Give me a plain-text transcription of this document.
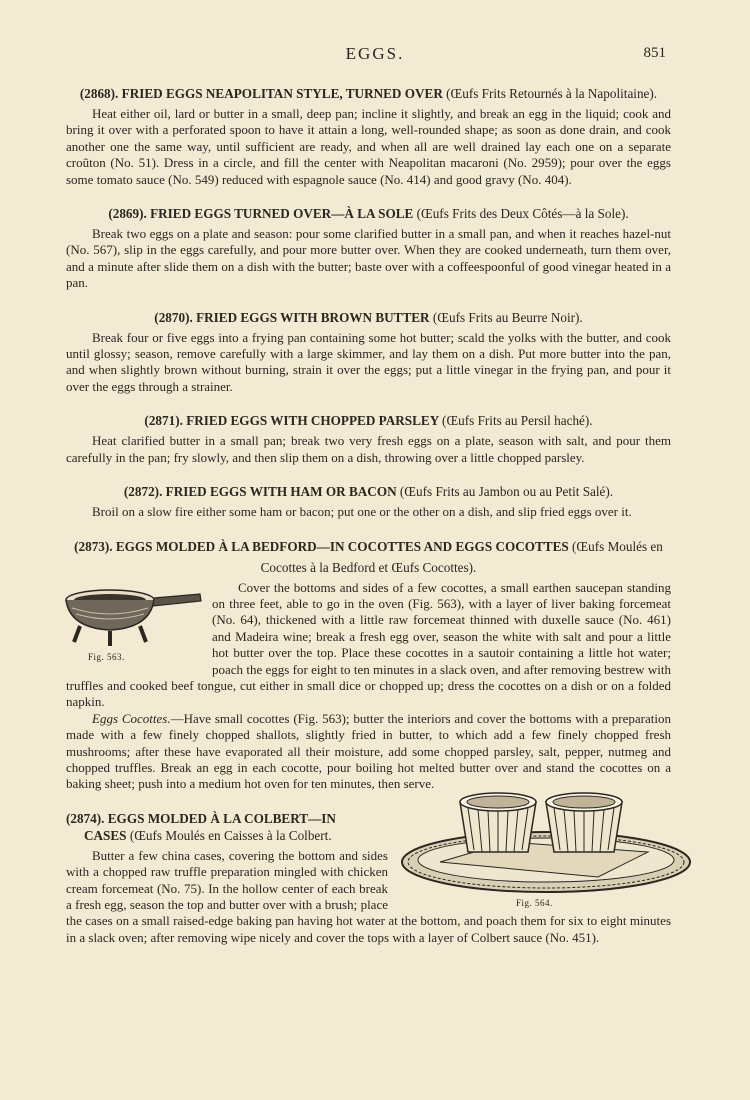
EGGS.	851
(2868). FRIED EGGS NEAPOLITAN STYLE, TURNED OVER (Œufs Frits Retournés à la Napolitaine).

Heat either oil, lard or butter in a small, deep pan; incline it slightly, and break an egg in the liquid; cook and bring it over with a perforated spoon to have it attain a long, well-rounded shape; as soon as done drain, and cook another one the same way, until sufficient are ready, and when all are well drained lay each one on a separate croûton (No. 51). Dress in a circle, and fill the center with Neapolitan macaroni (No. 2959); pour over the eggs some tomato sauce (No. 549) reduced with espagnole sauce (No. 414) and good gravy (No. 404).

(2869). FRIED EGGS TURNED OVER—À LA SOLE (Œufs Frits des Deux Côtés—à la Sole).

Break two eggs on a plate and season: pour some clarified butter in a small pan, and when it reaches hazel-nut (No. 567), slip in the eggs carefully, and pour more butter over. When they are cooked underneath, turn them over, and a minute after slide them on a dish with the butter; baste over with a coffeespoonful of good vinegar heated in a pan.

(2870). FRIED EGGS WITH BROWN BUTTER (Œufs Frits au Beurre Noir).

Break four or five eggs into a frying pan containing some hot butter; scald the yolks with the butter, and cook until glossy; season, remove carefully with a large skimmer, and lay them on a dish. Put more butter into the pan, and when slightly brown without burning, strain it over the eggs; put a little vinegar in the frying pan, and pour it over the eggs through a strainer.

(2871). FRIED EGGS WITH CHOPPED PARSLEY (Œufs Frits au Persil haché).

Heat clarified butter in a small pan; break two very fresh eggs on a plate, season with salt, and pour them carefully in the pan; fry slowly, and then slip them on a dish, throwing over a little chopped parsley.

(2872). FRIED EGGS WITH HAM OR BACON (Œufs Frits au Jambon ou au Petit Salé).

Broil on a slow fire either some ham or bacon; put one or the other on a dish, and slip fried eggs over it.

(2873). EGGS MOLDED À LA BEDFORD—IN COCOTTES AND EGGS COCOTTES (Œufs Moulés en
Cocottes à la Bedford et Œufs Cocottes).
Fig. 563.

Cover the bottoms and sides of a few cocottes, a small earthen saucepan standing on three feet, able to go in the oven (Fig. 563), with a layer of liver baking forcemeat (No. 64), thickened with a little raw forcemeat thinned with duxelle sauce (No. 461) and Madeira wine; break a fresh egg over, season the white with salt and pour a little hot butter over the top. Place these cocottes in a sautoir containing a little hot water; poach the eggs for eight to ten minutes in a slack oven, and after removing bestrew with truffles and cooked beef tongue, cut either in small dice or chopped up; dress the cocottes on a dish or on a folded napkin.

Eggs Cocottes.—Have small cocottes (Fig. 563); butter the interiors and cover the bottoms with a preparation made with a few finely chopped shallots, slightly fried in butter, to which add a few finely chopped fresh mushrooms; after these have evaporated all their moisture, add some chopped parsley, salt, pepper, nutmeg and chopped truffles. Break an egg in each cocotte, pour boiling hot melted butter over and stand the cocottes on a baking sheet; push into a medium hot oven for ten minutes, then serve.

Fig. 564.
(2874). EGGS MOLDED À LA COLBERT—IN
CASES (Œufs Moulés en Caisses à la Colbert.

Butter a few china cases, covering the bottom and sides with a chopped raw truffle preparation mingled with chicken cream forcemeat (No. 75). In the hollow center of each break a fresh egg, season the top and butter over with a brush; place the cases on a small raised-edge baking pan having hot water at the bottom, and poach them for six to eight minutes in a slack oven; after removing wipe nicely and cover the tops with a layer of Colbert sauce (No. 451).
